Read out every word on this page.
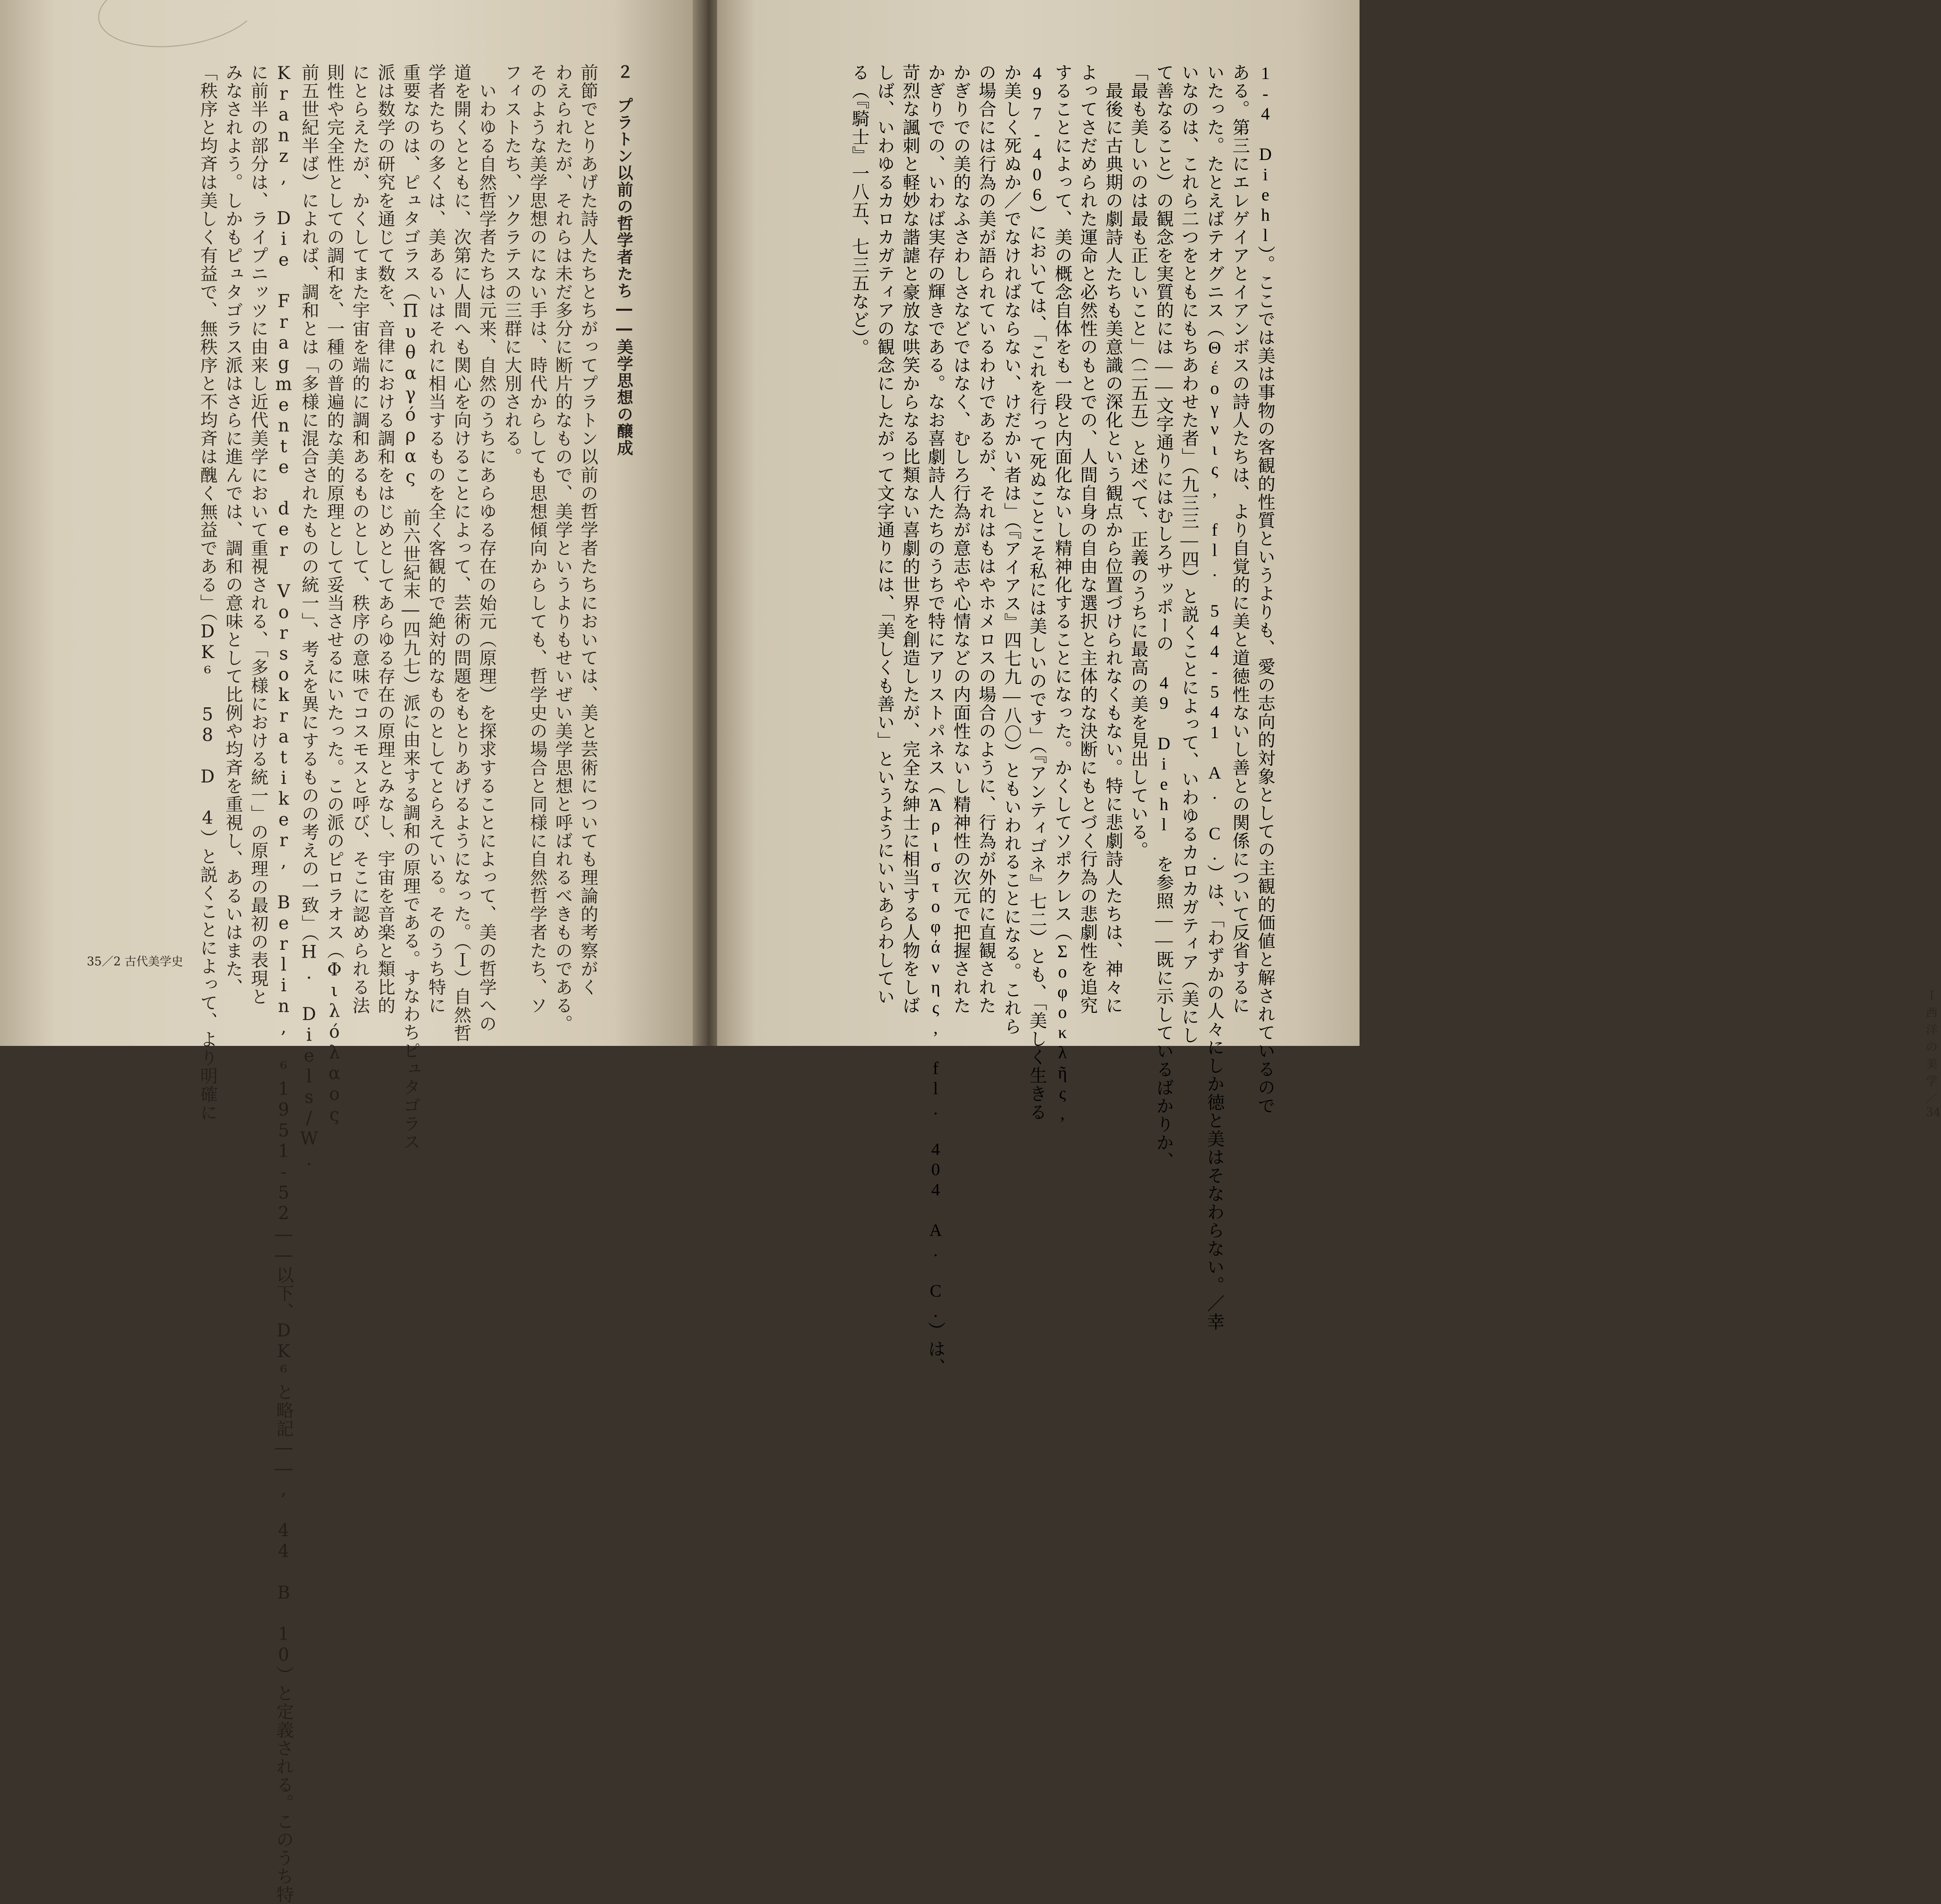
２　プラトン以前の哲学者たち――美学思想の醸成
前節でとりあげた詩人たちとちがってプラトン以前の哲学者たちにおいては、美と芸術についても理論的考察がく
わえられたが、それらは未だ多分に断片的なもので、美学というよりもせいぜい美学思想と呼ばれるべきものである。
そのような美学思想のにない手は、時代からしても思想傾向からしても、哲学史の場合と同様に自然哲学者たち、ソ
フィストたち、ソクラテスの三群に大別される。
　いわゆる自然哲学者たちは元来、自然のうちにあらゆる存在の始元（原理）を探求することによって、美の哲学への
道を開くとともに、次第に人間へも関心を向けることによって、芸術の問題をもとりあげるようになった。（Ｉ）自然哲
学者たちの多くは、美あるいはそれに相当するものを全く客観的で絶対的なものとしてとらえている。そのうち特に
重要なのは、ピュタゴラス（Πυθαγόρας 前六世紀末―四九七）派に由来する調和の原理である。すなわちピュタゴラス
派は数学の研究を通じて数を、音律における調和をはじめとしてあらゆる存在の原理とみなし、宇宙を音楽と類比的
にとらえたが、かくしてまた宇宙を端的に調和あるものとして、秩序の意味でコスモスと呼び、そこに認められる法
則性や完全性としての調和を、一種の普遍的な美的原理として妥当させるにいたった。この派のピロラオス（Φιλόλαος
前五世紀半ば）によれば、調和とは「多様に混合されたものの統一」、考えを異にするものの考えの一致」（H. Diels/W.
Kranz, Die Fragmente der Vorsokratiker, Berlin, ⁶1951-52――以下、DK⁶と略記――, 44 B 10）と定義される。このうち特
に前半の部分は、ライプニッツに由来し近代美学において重視される、「多様における統一」の原理の最初の表現と
みなされよう。しかもピュタゴラス派はさらに進んでは、調和の意味として比例や均斉を重視し、あるいはまた、
「秩序と均斉は美しく有益で、無秩序と不均斉は醜く無益である」（DK⁶ 58 D 4）と説くことによって、より明確に
35／2 古代美学史
Ｉ 西洋の美学／34
1-4 Diehl）。ここでは美は事物の客観的性質というよりも、愛の志向的対象としての主観的価値と解されているので
ある。第三にエレゲイアとイアンボスの詩人たちは、より自覚的に美と道徳性ないし善との関係について反省するに
いたった。たとえばテオグニス（Θέογνις, fl. 544-541 A. C.）は、「わずかの人々にしか徳と美はそなわらない。／幸
いなのは、これら二つをともにもちあわせた者」（九三三―四）と説くことによって、いわゆるカロカガティア（美にし
て善なること）の観念を実質的には――文字通りにはむしろサッポーの 49 Diehl を参照――既に示しているばかりか、
「最も美しいのは最も正しいこと」（二五五）と述べて、正義のうちに最高の美を見出している。
　最後に古典期の劇詩人たちも美意識の深化という観点から位置づけられなくもない。特に悲劇詩人たちは、神々に
よってさだめられた運命と必然性のもとでの、人間自身の自由な選択と主体的な決断にもとづく行為の悲劇性を追究
することによって、美の概念自体をも一段と内面化ないし精神化することになった。かくしてソポクレス（Σοφοκλῆς,
497-406）においては、「これを行って死ぬことこそ私には美しいのです」（『アンティゴネ』七二）とも、「美しく生きる
か美しく死ぬか／でなければならない、けだかい者は」（『アイアス』四七九―八〇）ともいわれることになる。これら
の場合には行為の美が語られているわけであるが、それはもはやホメロスの場合のように、行為が外的に直観された
かぎりでの美的なふさわしさなどではなく、むしろ行為が意志や心情などの内面性ないし精神性の次元で把握された
かぎりでの、いわば実存の輝きである。なお喜劇詩人たちのうちで特にアリストパネス（Ἀριστοφάνης, fl. 404 A. C.）は、
苛烈な諷刺と軽妙な諧謔と豪放な哄笑からなる比類ない喜劇的世界を創造したが、完全な紳士に相当する人物をしば
しば、いわゆるカロカガティアの観念にしたがって文字通りには、「美しくも善い」というようにいいあらわしてい
る（『騎士』一八五、七三五など）。
